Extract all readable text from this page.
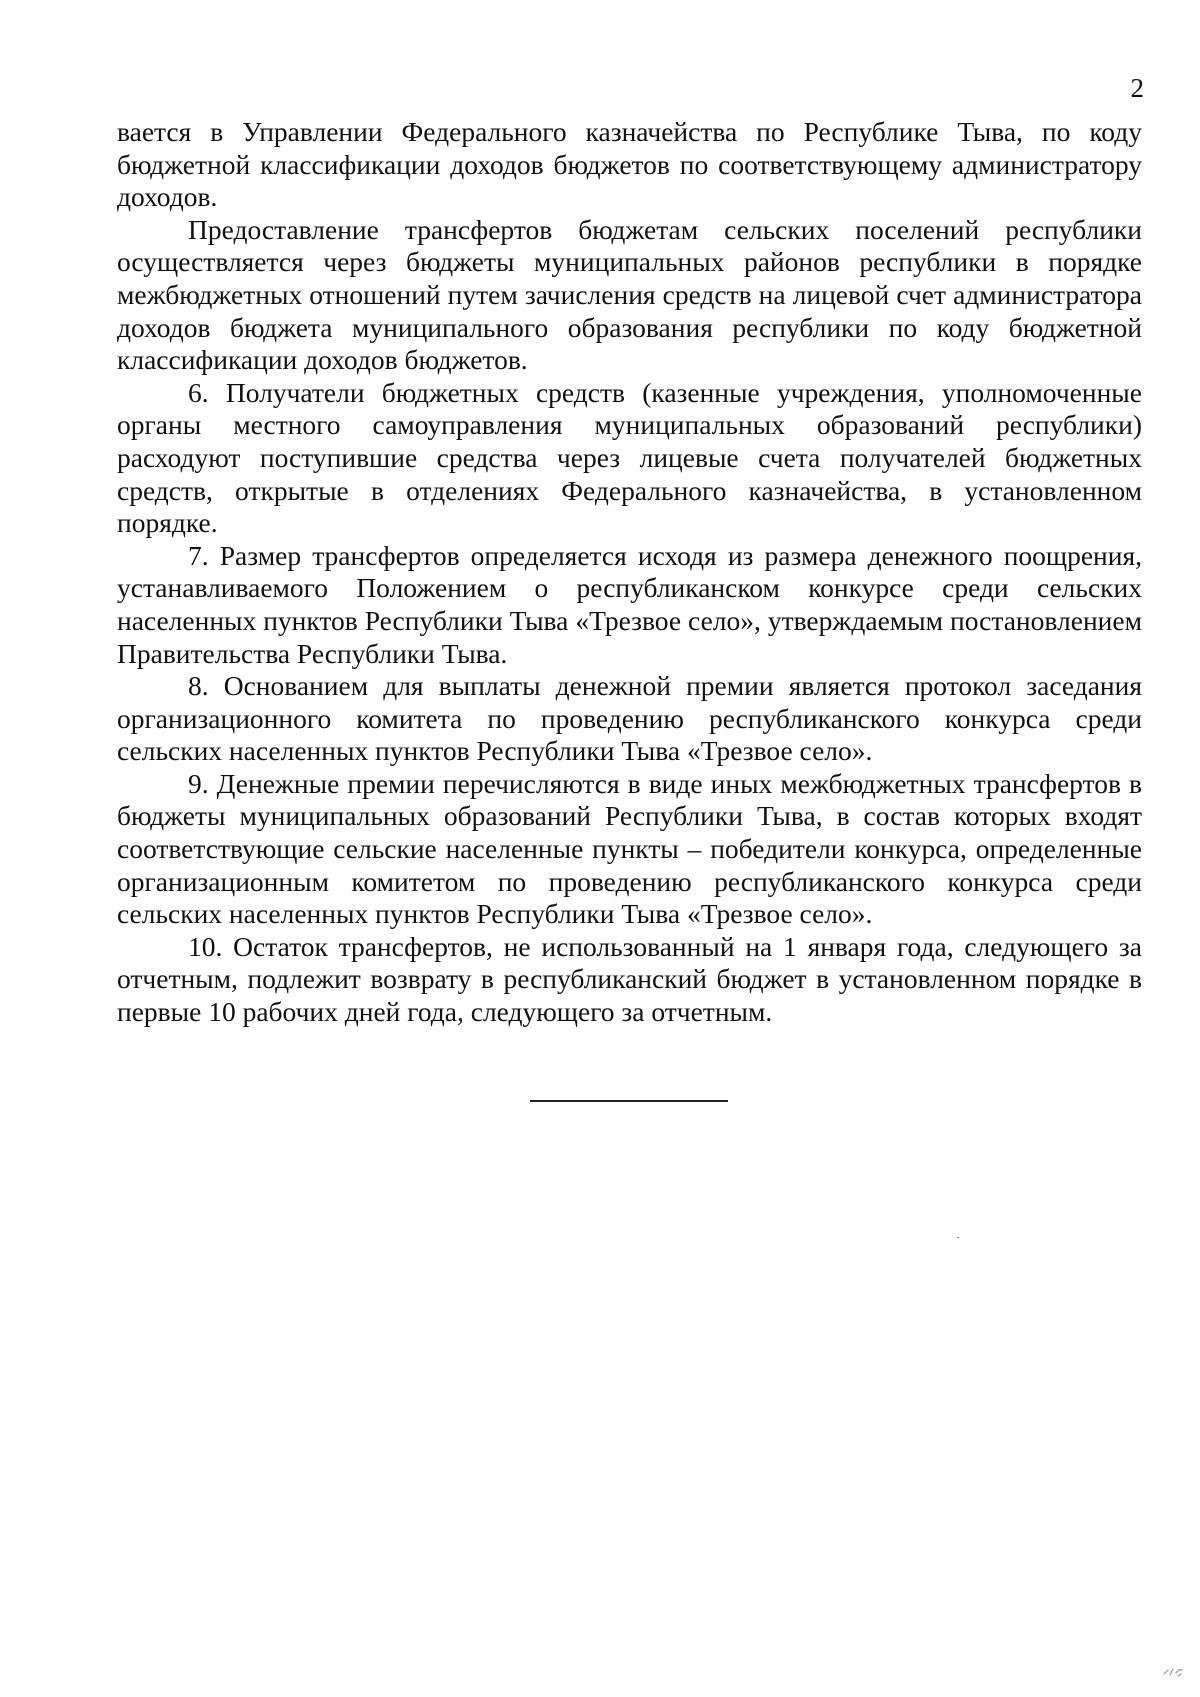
2

вается в Управлении Федерального казначейства по Республике Тыва, по коду бюджетной классификации доходов бюджетов по соответствующему администратору доходов.

Предоставление трансфертов бюджетам сельских поселений республики осуществляется через бюджеты муниципальных районов республики в порядке межбюджетных отношений путем зачисления средств на лицевой счет администратора доходов бюджета муниципального образования республики по коду бюджетной классификации доходов бюджетов.

6. Получатели бюджетных средств (казенные учреждения, уполномоченные органы местного самоуправления муниципальных образований республики) расходуют поступившие средства через лицевые счета получателей бюджетных средств, открытые в отделениях Федерального казначейства, в установленном порядке.

7. Размер трансфертов определяется исходя из размера денежного поощрения, устанавливаемого Положением о республиканском конкурсе среди сельских населенных пунктов Республики Тыва «Трезвое село», утверждаемым постановлением Правительства Республики Тыва.

8. Основанием для выплаты денежной премии является протокол заседания организационного комитета по проведению республиканского конкурса среди сельских населенных пунктов Республики Тыва «Трезвое село».

9. Денежные премии перечисляются в виде иных межбюджетных трансфертов в бюджеты муниципальных образований Республики Тыва, в состав которых входят соответствующие сельские населенные пункты – победители конкурса, определенные организационным комитетом по проведению республиканского конкурса среди сельских населенных пунктов Республики Тыва «Трезвое село».

10. Остаток трансфертов, не использованный на 1 января года, следующего за отчетным, подлежит возврату в республиканский бюджет в установленном порядке в первые 10 рабочих дней года, следующего за отчетным.
